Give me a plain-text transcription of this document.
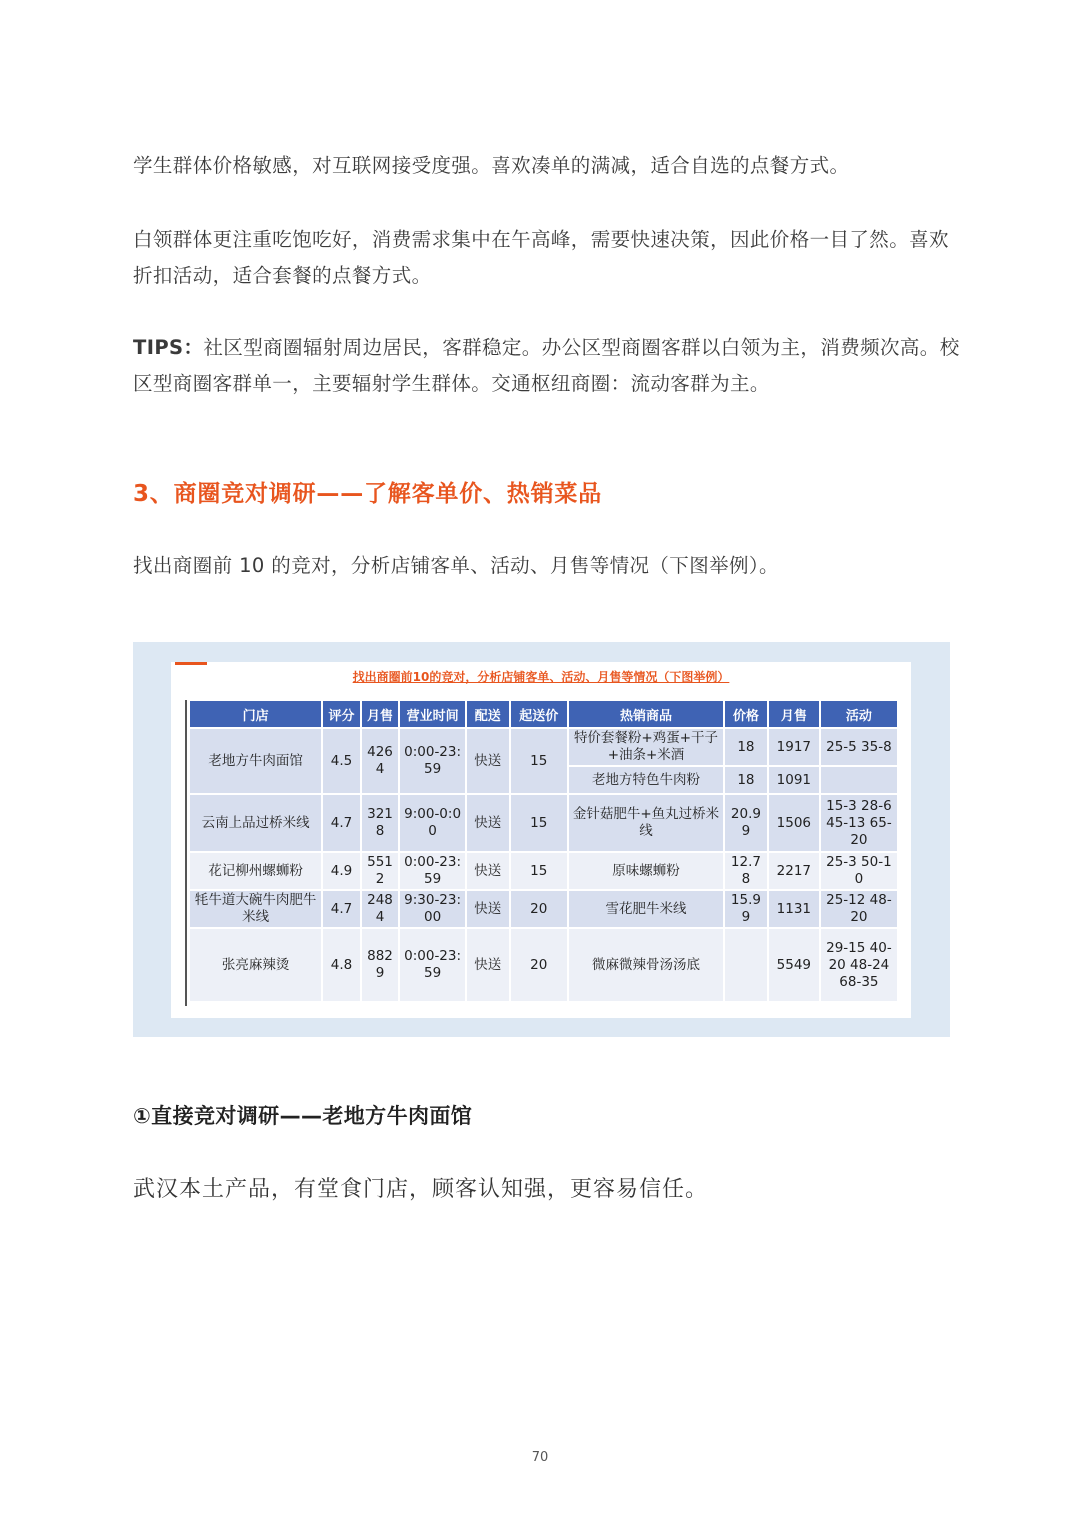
学生群体价格敏感，对互联网接受度强。喜欢凑单的满减，适合自选的点餐方式。

白领群体更注重吃饱吃好，消费需求集中在午高峰，需要快速决策，因此价格一目了然。喜欢折扣活动，适合套餐的点餐方式。

TIPS：社区型商圈辐射周边居民，客群稳定。办公区型商圈客群以白领为主，消费频次高。校区型商圈客群单一，主要辐射学生群体。交通枢纽商圈：流动客群为主。

3、商圈竞对调研——了解客单价、热销菜品

找出商圈前 10 的竞对，分析店铺客单、活动、月售等情况（下图举例）。

找出商圈前10的竞对，分析店铺客单、活动、月售等情况（下图举例）
门店	评分	月售	营业时间	配送	起送价	热销商品	价格	月售	活动
老地方牛肉面馆	4.5	4264	0:00-23:59	快送	15	特价套餐粉+鸡蛋+干子+油条+米酒	18	1917	25-5 35-8
						老地方特色牛肉粉	18	1091	
云南上品过桥米线	4.7	3218	9:00-0:00	快送	15	金针菇肥牛+鱼丸过桥米线	20.99	1506	15-3 28-6 45-13 65-20
花记柳州螺蛳粉	4.9	5512	0:00-23:59	快送	15	原味螺蛳粉	12.78	2217	25-3 50-10
牦牛道大碗牛肉肥牛米线	4.7	2484	9:30-23:00	快送	20	雪花肥牛米线	15.99	1131	25-12 48-20
张亮麻辣烫	4.8	8829	0:00-23:59	快送	20	微麻微辣骨汤汤底		5549	29-15 40-20 48-24 68-35
①直接竞对调研——老地方牛肉面馆

武汉本土产品，有堂食门店，顾客认知强，更容易信任。

70
